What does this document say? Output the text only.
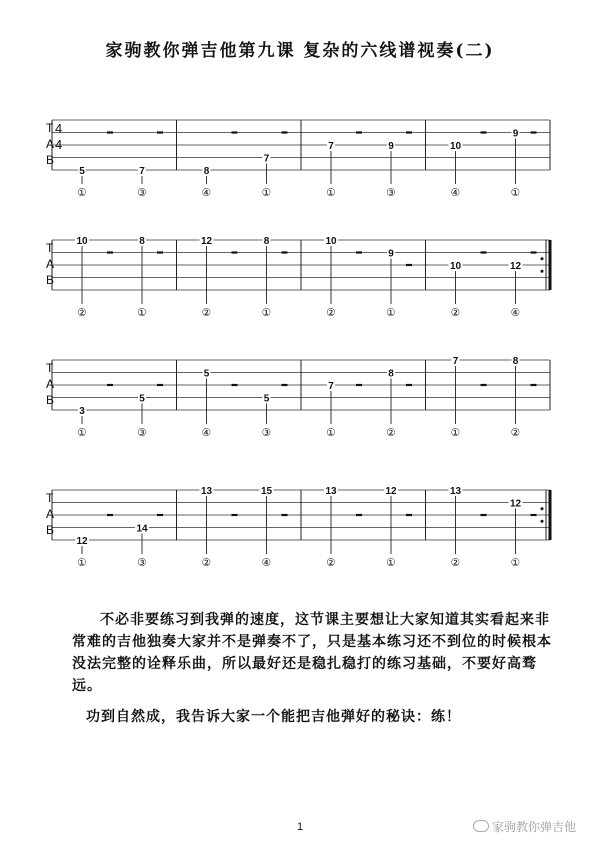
家驹教你弹吉他第九课 复杂的六线谱视奏(二)
T
A
B
4
4
5
①
7
③
8
④
7
①
7
①
9
③
10
④
9
①
T
A
B
10
②
8
①
12
②
8
①
10
②
9
①
10
②
12
④
T
A
B
3
①
5
③
5
④
5
③
7
①
8
②
7
①
8
②
T
A
B
12
①
14
③
13
②
15
④
13
②
12
①
13
②
12
①
不必非要练习到我弹的速度，这节课主要想让大家知道其实看起来非常难的吉他独奏大家并不是弹奏不了，只是基本练习还不到位的时候根本没法完整的诠释乐曲，所以最好还是稳扎稳打的练习基础，不要好高骛远。
功到自然成，我告诉大家一个能把吉他弹好的秘诀：练！
1	家驹教你弹吉他
